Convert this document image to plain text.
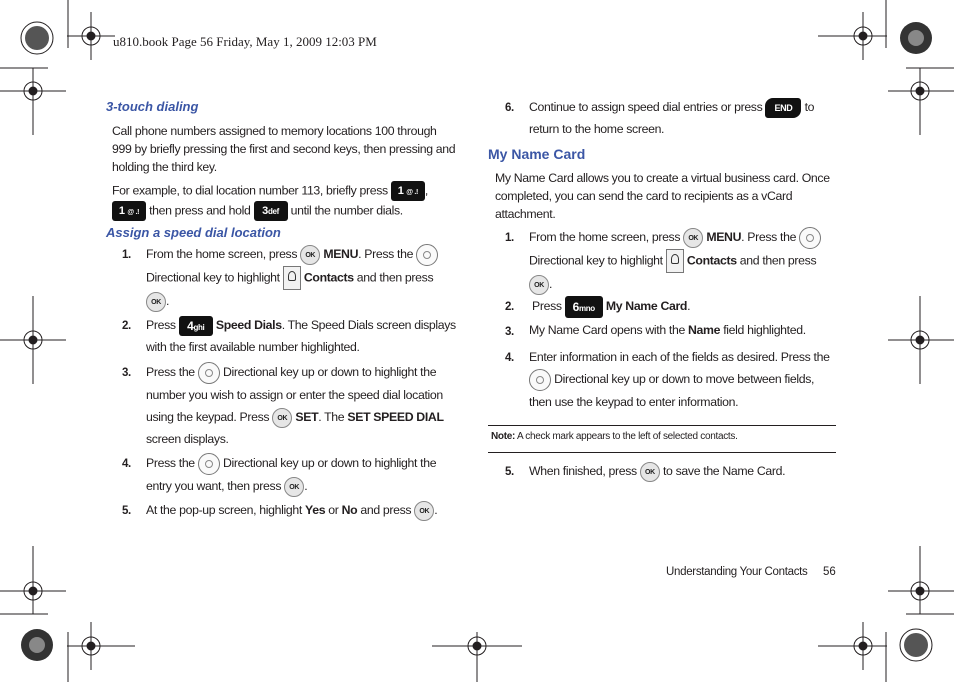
u810.book Page 56 Friday, May 1, 2009 12:03 PM
3-touch dialing
Call phone numbers assigned to memory locations 100 through 999 by briefly pressing the first and second keys, then pressing and holding the third key.
For example, to dial location number 113, briefly press 1 @ .! ,
1 @ .! then press and hold 3def until the number dials.
Assign a speed dial location
1. From the home screen, press OK MENU. Press the
Directional key to highlight Contacts and then press
OK .
2. Press 4ghi Speed Dials. The Speed Dials screen displays with the first available number highlighted.
3. Press the Directional key up or down to highlight the number you wish to assign or enter the speed dial location using the keypad. Press OK SET. The SET SPEED DIAL screen displays.
4. Press the Directional key up or down to highlight the entry you want, then press OK .
5. At the pop-up screen, highlight Yes or No and press OK .
6. Continue to assign speed dial entries or press END to return to the home screen.
My Name Card
My Name Card allows you to create a virtual business card. Once completed, you can send the card to recipients as a vCard attachment.
1. From the home screen, press OK MENU. Press the
Directional key to highlight Contacts and then press
OK .
2. Press 6mno My Name Card.
3. My Name Card opens with the Name field highlighted.
4. Enter information in each of the fields as desired. Press the  Directional key up or down to move between fields, then use the keypad to enter information.
Note: A check mark appears to the left of selected contacts.
5. When finished, press OK to save the Name Card.
Understanding Your Contacts 56
